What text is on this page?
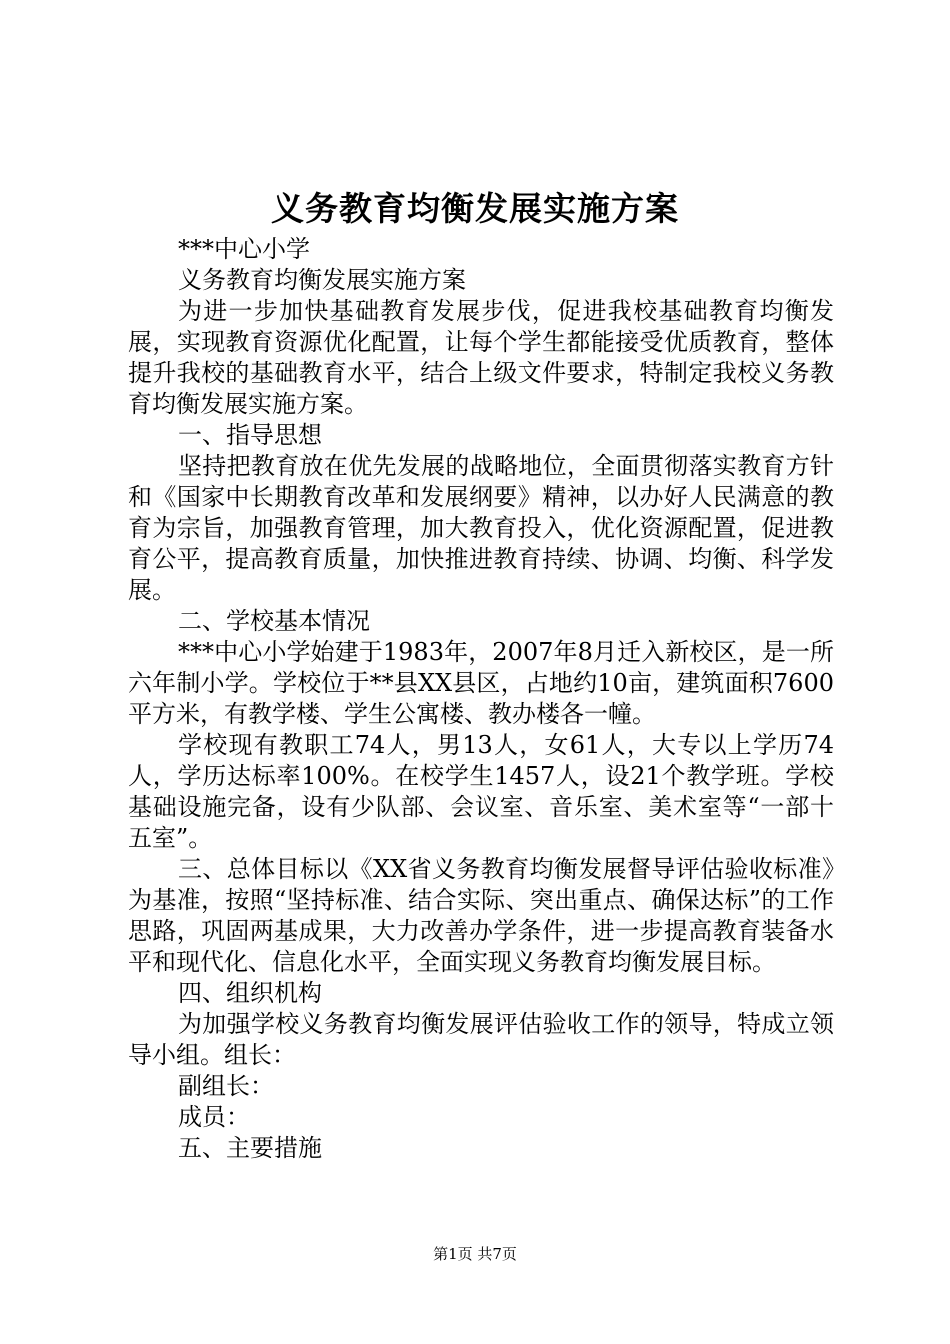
义务教育均衡发展实施方案

***中心小学

义务教育均衡发展实施方案

为进一步加快基础教育发展步伐，促进我校基础教育均衡发展，实现教育资源优化配置，让每个学生都能接受优质教育，整体提升我校的基础教育水平，结合上级文件要求，特制定我校义务教育均衡发展实施方案。

一、指导思想

坚持把教育放在优先发展的战略地位，全面贯彻落实教育方针和《国家中长期教育改革和发展纲要》精神，以办好人民满意的教育为宗旨，加强教育管理，加大教育投入，优化资源配置，促进教育公平，提高教育质量，加快推进教育持续、协调、均衡、科学发展。

二、学校基本情况

***中心小学始建于1983年，2007年8月迁入新校区，是一所六年制小学。学校位于**县XX县区，占地约10亩，建筑面积7600平方米，有教学楼、学生公寓楼、教办楼各一幢。

学校现有教职工74人，男13人，女61人，大专以上学历74人，学历达标率100%。在校学生1457人，设21个教学班。学校基础设施完备，设有少队部、会议室、音乐室、美术室等“一部十五室”。

三、总体目标以《XX省义务教育均衡发展督导评估验收标准》为基准，按照“坚持标准、结合实际、突出重点、确保达标”的工作思路，巩固两基成果，大力改善办学条件，进一步提高教育装备水平和现代化、信息化水平，全面实现义务教育均衡发展目标。

四、组织机构

为加强学校义务教育均衡发展评估验收工作的领导，特成立领导小组。组长：

副组长：

成员：

五、主要措施

第1页 共7页
